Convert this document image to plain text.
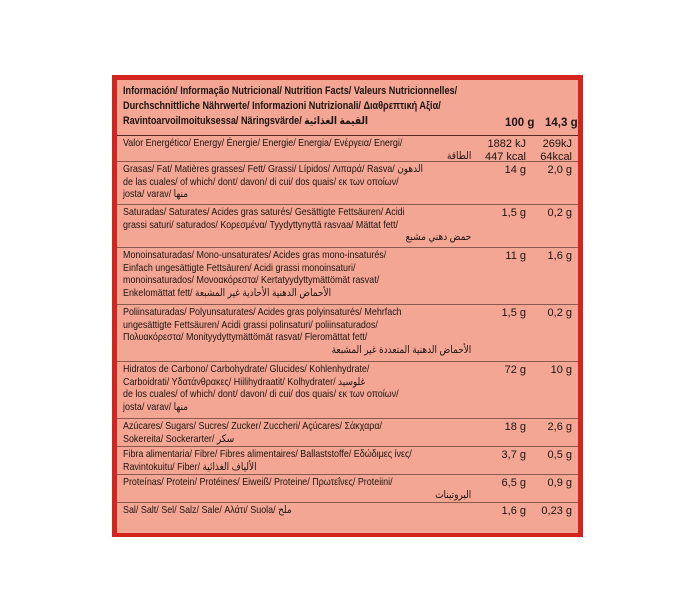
Información/ Informação Nutricional/ Nutrition Facts/ Valeurs Nutricionnelles/
Durchschnittliche Nährwerte/ Informazioni Nutrizionali/ Διαθρεπτική Αξία/
Ravintoarvoilmoituksessa/ Näringsvärde/ القيمة الغذائية	100 g 14,3 g
Valor Energético/ Energy/ Énergie/ Energie/ Energia/ Ενέργεια/ Energi/
الطاقة
1882 kJ
447 kcal
269kJ
64kcal
Grasas/ Fat/ Matières grasses/ Fett/ Grassi/ Lípidos/ Λιπαρά/ Rasva/ الدهون
de las cuales/ of which/ dont/ davon/ di cui/ dos quais/ εκ των οποίων/
josta/ varav/ منها
14 g 2,0 g
Saturadas/ Saturates/ Acides gras saturés/ Gesättigte Fettsäuren/ Acidi
grassi saturi/ saturados/ Κορεσμένα/ Tyydyttynyttä rasvaa/ Mättat fett/
حمض دهني مشبع
1,5 g 0,2 g
Monoinsaturadas/ Mono-unsaturates/ Acides gras mono-insaturés/
Einfach ungesättigte Fettsäuren/ Acidi grassi monoinsaturi/
monoinsaturados/ Μονοακόρεστα/ Kertatyydyttymättömät rasvat/
Enkelomättat fett/ الأحماض الدهنية الأحادية غير المشبعة
11 g 1,6 g
Poliinsaturadas/ Polyunsaturates/ Acides gras polyinsaturés/ Mehrfach
ungesättigte Fettsäuren/ Acidi grassi polinsaturi/ poliinsaturados/
Πολυακόρεστα/ Monityydyttymättömät rasvat/ Fleromättat fett/
الأحماض الدهنية المتعددة غير المشبعة
1,5 g 0,2 g
Hidratos de Carbono/ Carbohydrate/ Glucides/ Kohlenhydrate/
Carboidrati/ Υδατάνθρακες/ Hiilihydraatit/ Kolhydrater/ غلوسيد
de los cuales/ of which/ dont/ davon/ di cui/ dos quais/ εκ των οποίων/
josta/ varav/ منها
72 g 10 g
Azúcares/ Sugars/ Sucres/ Zucker/ Zuccheri/ Açúcares/ Σάκχαρα/
Sokereita/ Sockerarter/ سكر
18 g 2,6 g
Fibra alimentaria/ Fibre/ Fibres alimentaires/ Ballaststoffe/ Εδώδιμες ίνες/
Ravintokuitu/ Fiber/ الألياف الغذائية
3,7 g 0,5 g
Proteínas/ Protein/ Protéines/ Eiweiß/ Proteine/ Πρωτεΐνες/ Proteiini/
البروتينات
6,5 g 0,9 g
Sal/ Salt/ Sel/ Salz/ Sale/ Αλάτι/ Suola/ ملح	1,6 g 0,23 g
